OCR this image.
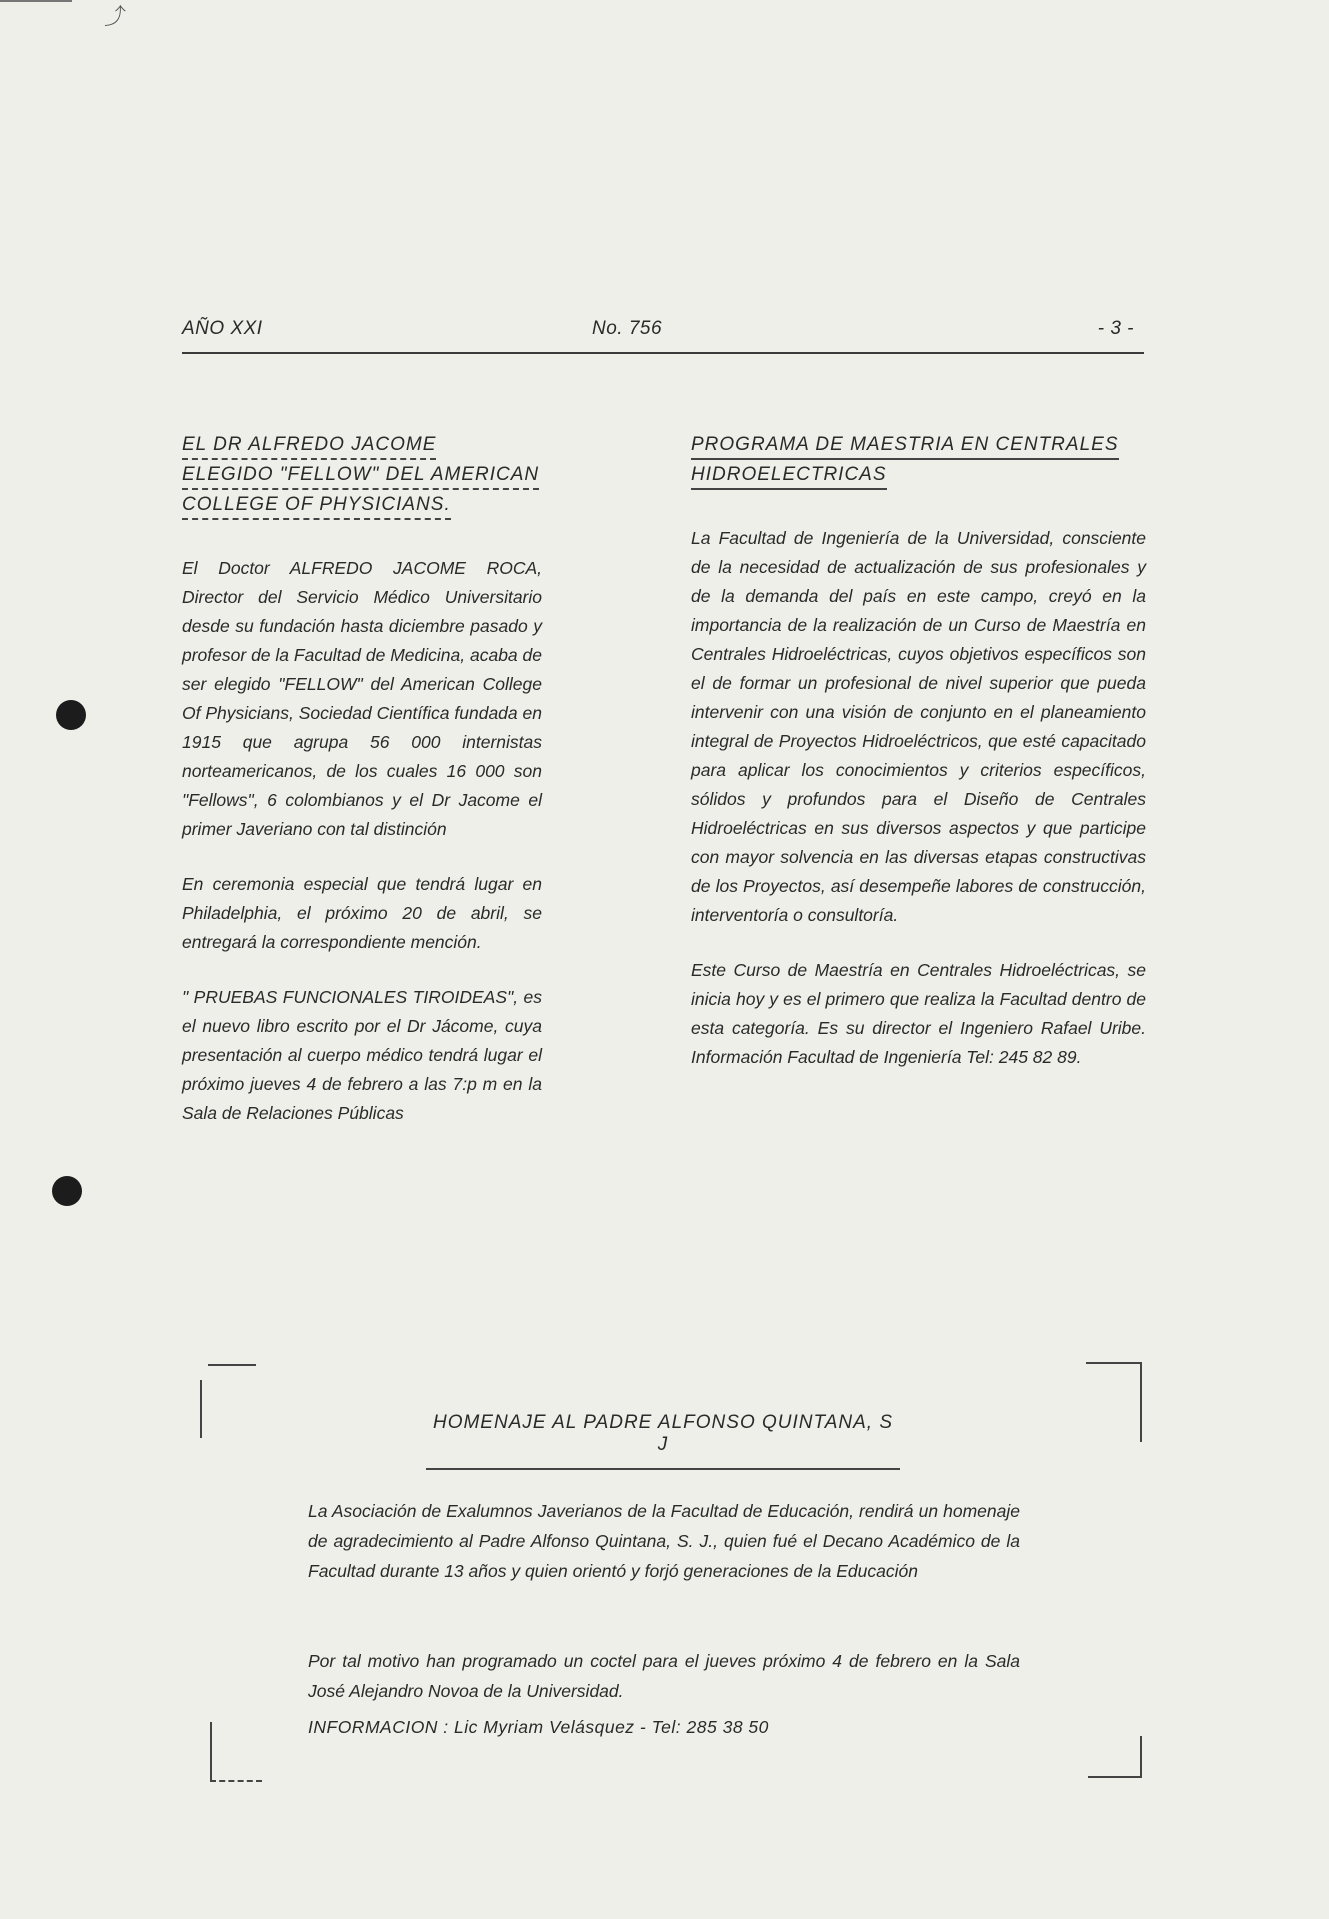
⤴
AÑO XXI	No. 756	- 3 -
EL DR ALFREDO JACOME
ELEGIDO "FELLOW" DEL AMERICAN
COLLEGE OF PHYSICIANS.

El Doctor ALFREDO JACOME ROCA, Director del Servicio Médico Universitario desde su fundación hasta diciembre pasado y profesor de la Facultad de Medicina, acaba de ser elegido "FELLOW" del American College Of Physicians, Sociedad Científica fundada en 1915 que agrupa 56 000 internistas norteamericanos, de los cuales 16 000 son "Fellows", 6 colombianos y el Dr Jacome el primer Javeriano con tal distinción

En ceremonia especial que tendrá lugar en Philadelphia, el próximo 20 de abril, se entregará la correspondiente mención.

" PRUEBAS FUNCIONALES TIROIDEAS", es el nuevo libro escrito por el Dr Jácome, cuya presentación al cuerpo médico tendrá lugar el próximo jueves 4 de febrero a las 7:p m en la Sala de Relaciones Públicas

PROGRAMA DE MAESTRIA EN CENTRALES
HIDROELECTRICAS

La Facultad de Ingeniería de la Universidad, consciente de la necesidad de actualización de sus profesionales y de la demanda del país en este campo, creyó en la importancia de la realización de un Curso de Maestría en Centrales Hidroeléctricas, cuyos objetivos específicos son el de formar un profesional de nivel superior que pueda intervenir con una visión de conjunto en el planeamiento integral de Proyectos Hidroeléctricos, que esté capacitado para aplicar los conocimientos y criterios específicos, sólidos y profundos para el Diseño de Centrales Hidroeléctricas en sus diversos aspectos y que participe con mayor solvencia en las diversas etapas constructivas de los Proyectos, así desempeñe labores de construcción, interventoría o consultoría.

Este Curso de Maestría en Centrales Hidroeléctricas, se inicia hoy y es el primero que realiza la Facultad dentro de esta categoría. Es su director el Ingeniero Rafael Uribe. Información Facultad de Ingeniería Tel: 245 82 89.

HOMENAJE AL PADRE ALFONSO QUINTANA, S J

La Asociación de Exalumnos Javerianos de la Facultad de Educación, rendirá un homenaje de agradecimiento al Padre Alfonso Quintana, S. J., quien fué el Decano Académico de la Facultad durante 13 años y quien orientó y forjó generaciones de la Educación

Por tal motivo han programado un coctel para el jueves próximo 4 de febrero en la Sala José Alejandro Novoa de la Universidad.

INFORMACION : Lic Myriam Velásquez - Tel: 285 38 50
